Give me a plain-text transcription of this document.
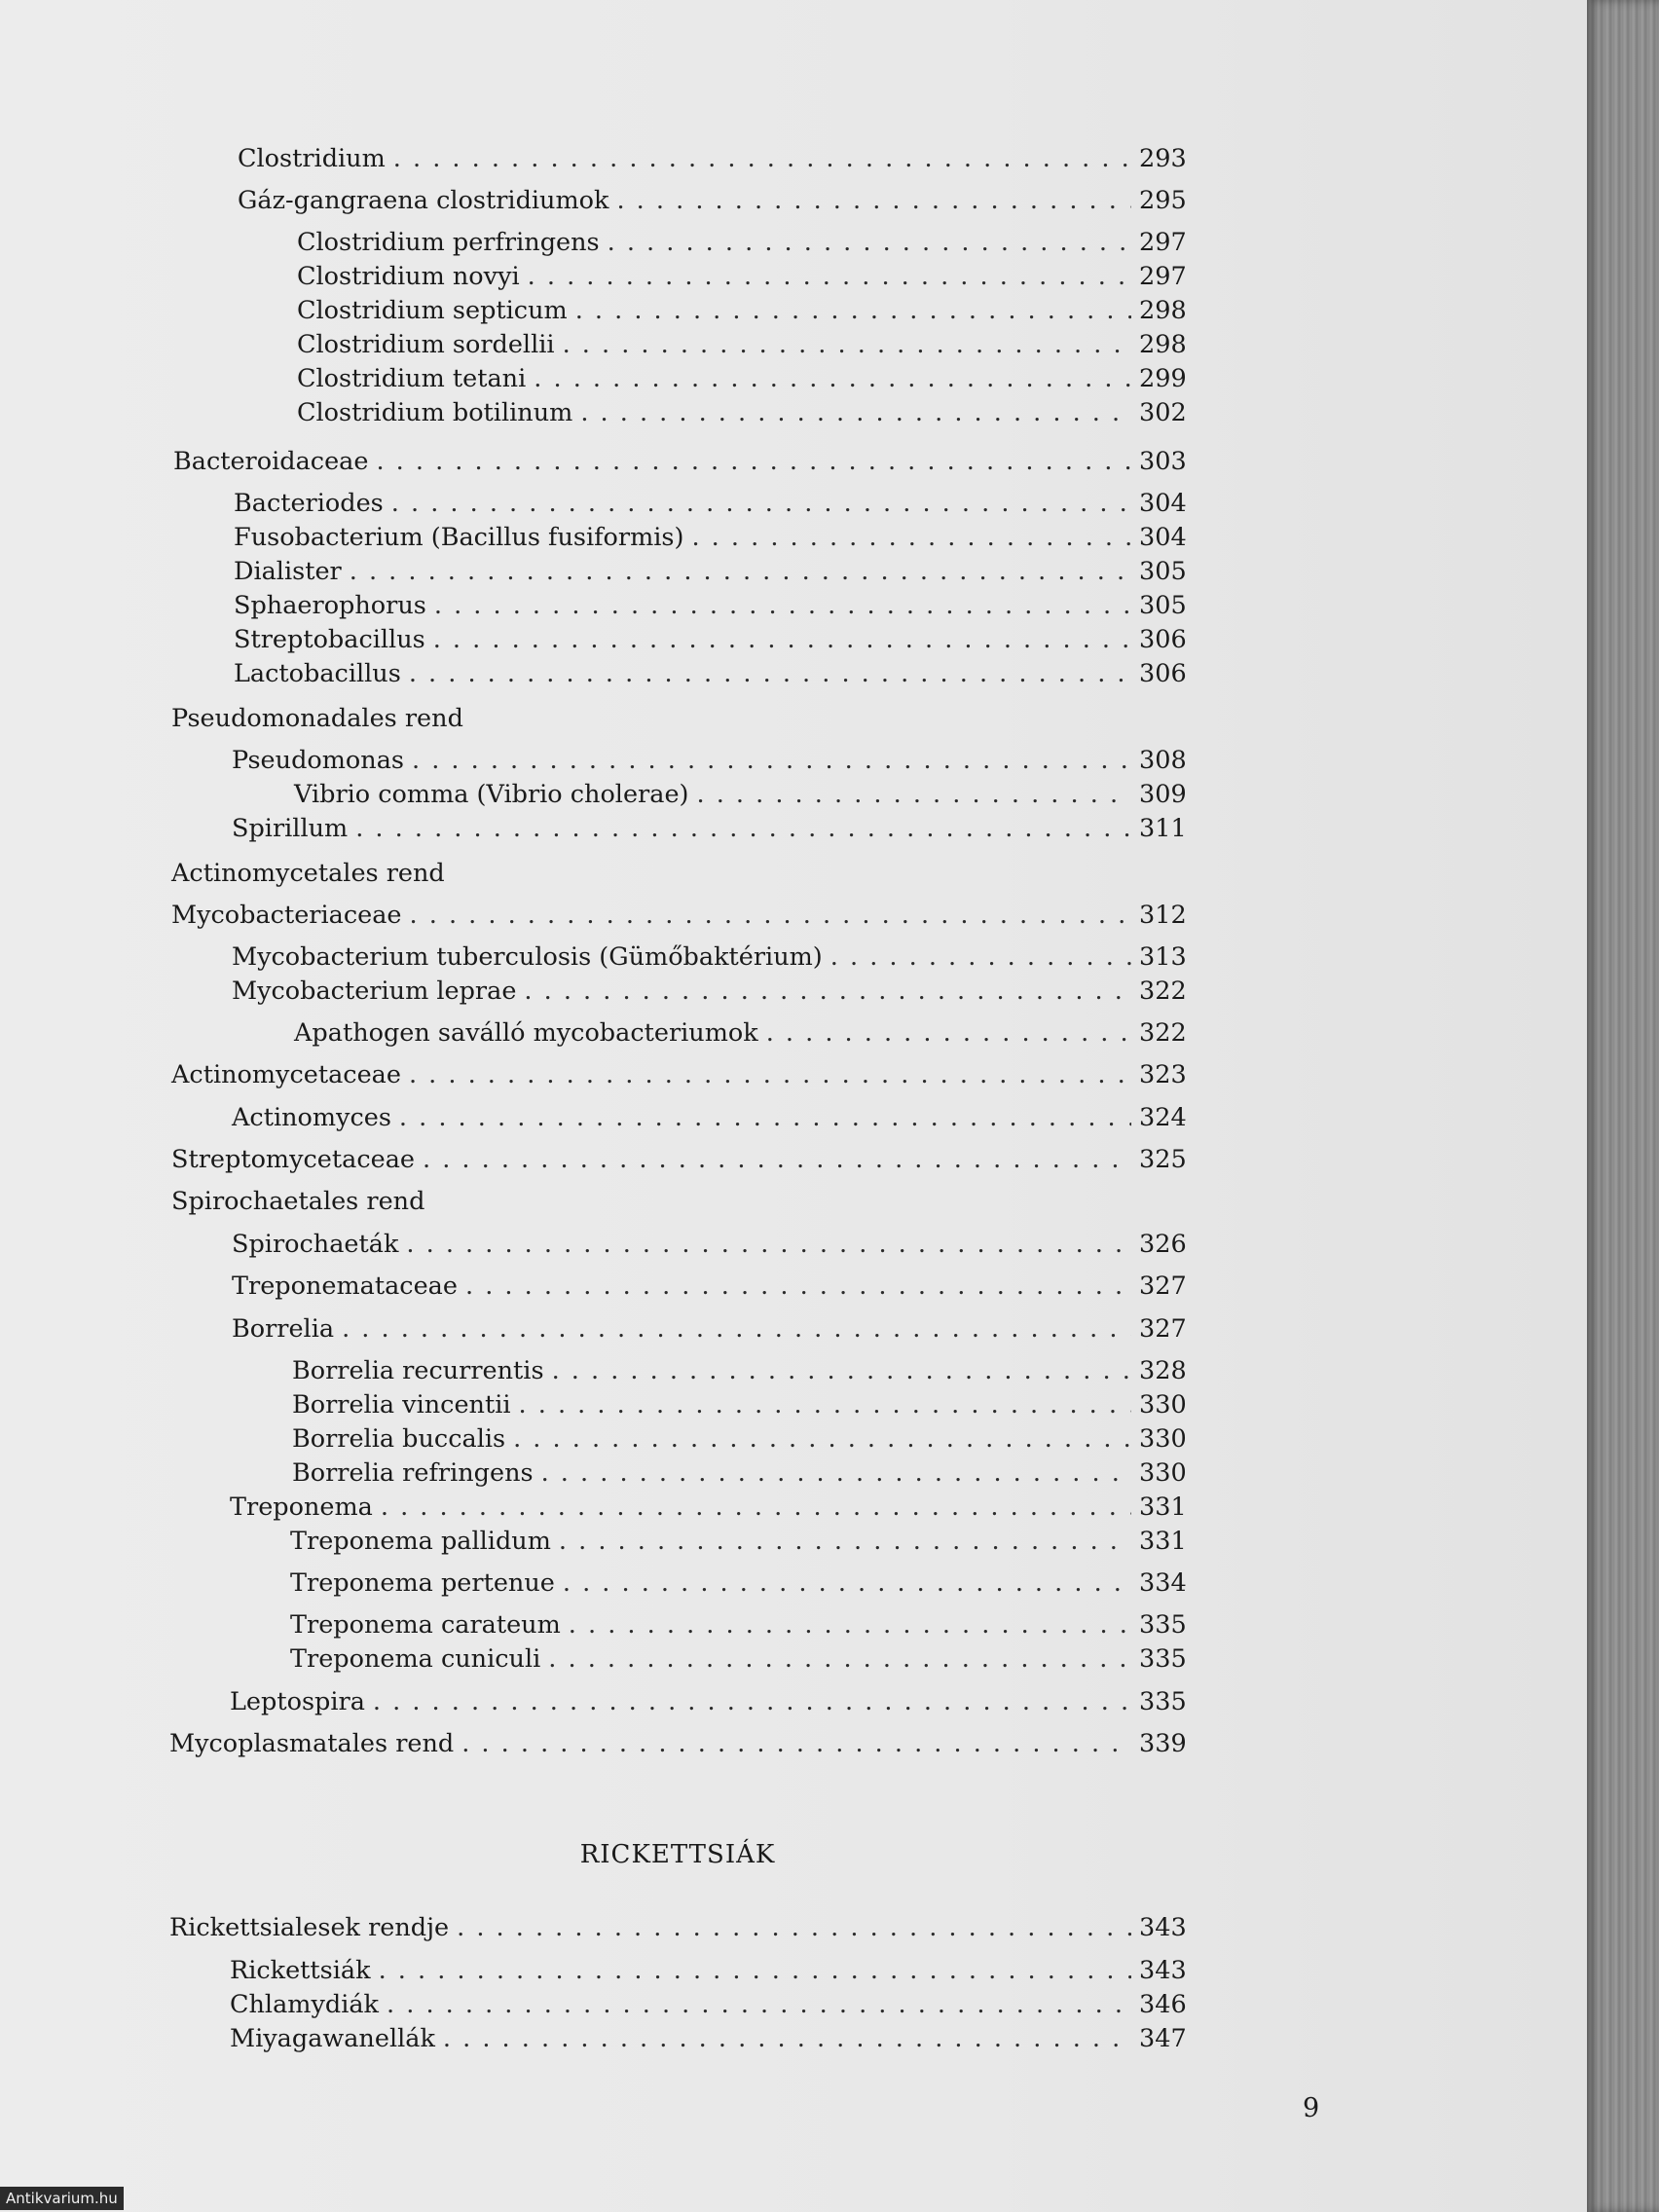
Clostridium . . .	293
Gáz-gangraena clostridiumok . . .	295
Clostridium perfringens . . .	297
Clostridium novyi . . .	297
Clostridium septicum . . .	298
Clostridium sordellii . . .	298
Clostridium tetani . . .	299
Clostridium botilinum . . .	302
Bacteroidaceae . . .	303
Bacteriodes . . .	304
Fusobacterium (Bacillus fusiformis) . . .	304
Dialister . . .	305
Sphaerophorus . . .	305
Streptobacillus . . .	306
Lactobacillus . . .	306
Pseudomonadales rend
Pseudomonas . . .	308
Vibrio comma (Vibrio cholerae) . . .	309
Spirillum . . .	311
Actinomycetales rend
Mycobacteriaceae . . .	312
Mycobacterium tuberculosis (Gümőbaktérium) . . .	313
Mycobacterium leprae . . .	322
Apathogen saválló mycobacteriumok . . .	322
Actinomycetaceae . . .	323
Actinomyces . . .	324
Streptomycetaceae . . .	325
Spirochaetales rend
Spirochaeták . . .	326
Treponemataceae . . .	327
Borrelia . . .	327
Borrelia recurrentis . . .	328
Borrelia vincentii . . .	330
Borrelia buccalis . . .	330
Borrelia refringens . . .	330
Treponema . . .	331
Treponema pallidum . . .	331
Treponema pertenue . . .	334
Treponema carateum . . .	335
Treponema cuniculi . . .	335
Leptospira . . .	335
Mycoplasmatales rend . . .	339
RICKETTSIÁK
Rickettsialesek rendje . . .	343
Rickettsiák . . .	343
Chlamydiák . . .	346
Miyagawanellák . . .	347
9
Antikvarium.hu
